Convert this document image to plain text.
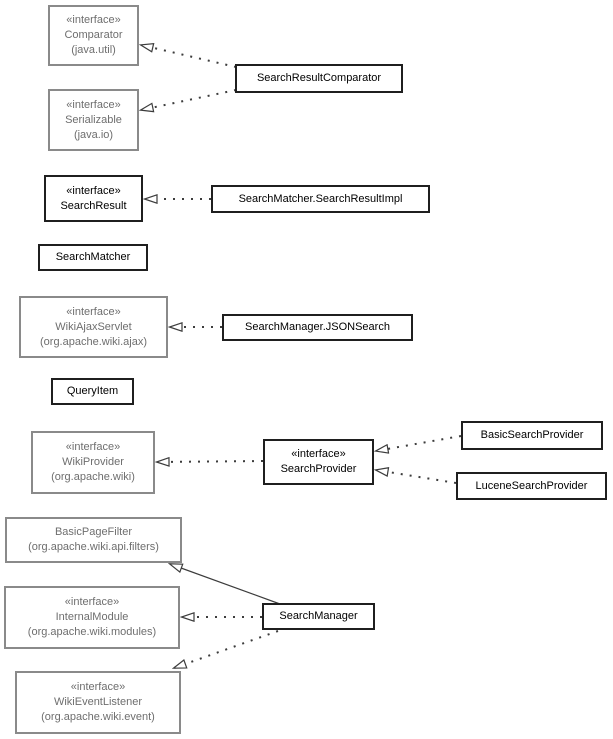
«interface»
Comparator
(java.util)
«interface»
Serializable
(java.io)
SearchResultComparator
«interface»
SearchResult
SearchMatcher.SearchResultImpl
SearchMatcher
«interface»
WikiAjaxServlet
(org.apache.wiki.ajax)
SearchManager.JSONSearch
QueryItem
«interface»
WikiProvider
(org.apache.wiki)
«interface»
SearchProvider
BasicSearchProvider
LuceneSearchProvider
BasicPageFilter
(org.apache.wiki.api.filters)
«interface»
InternalModule
(org.apache.wiki.modules)
SearchManager
«interface»
WikiEventListener
(org.apache.wiki.event)
